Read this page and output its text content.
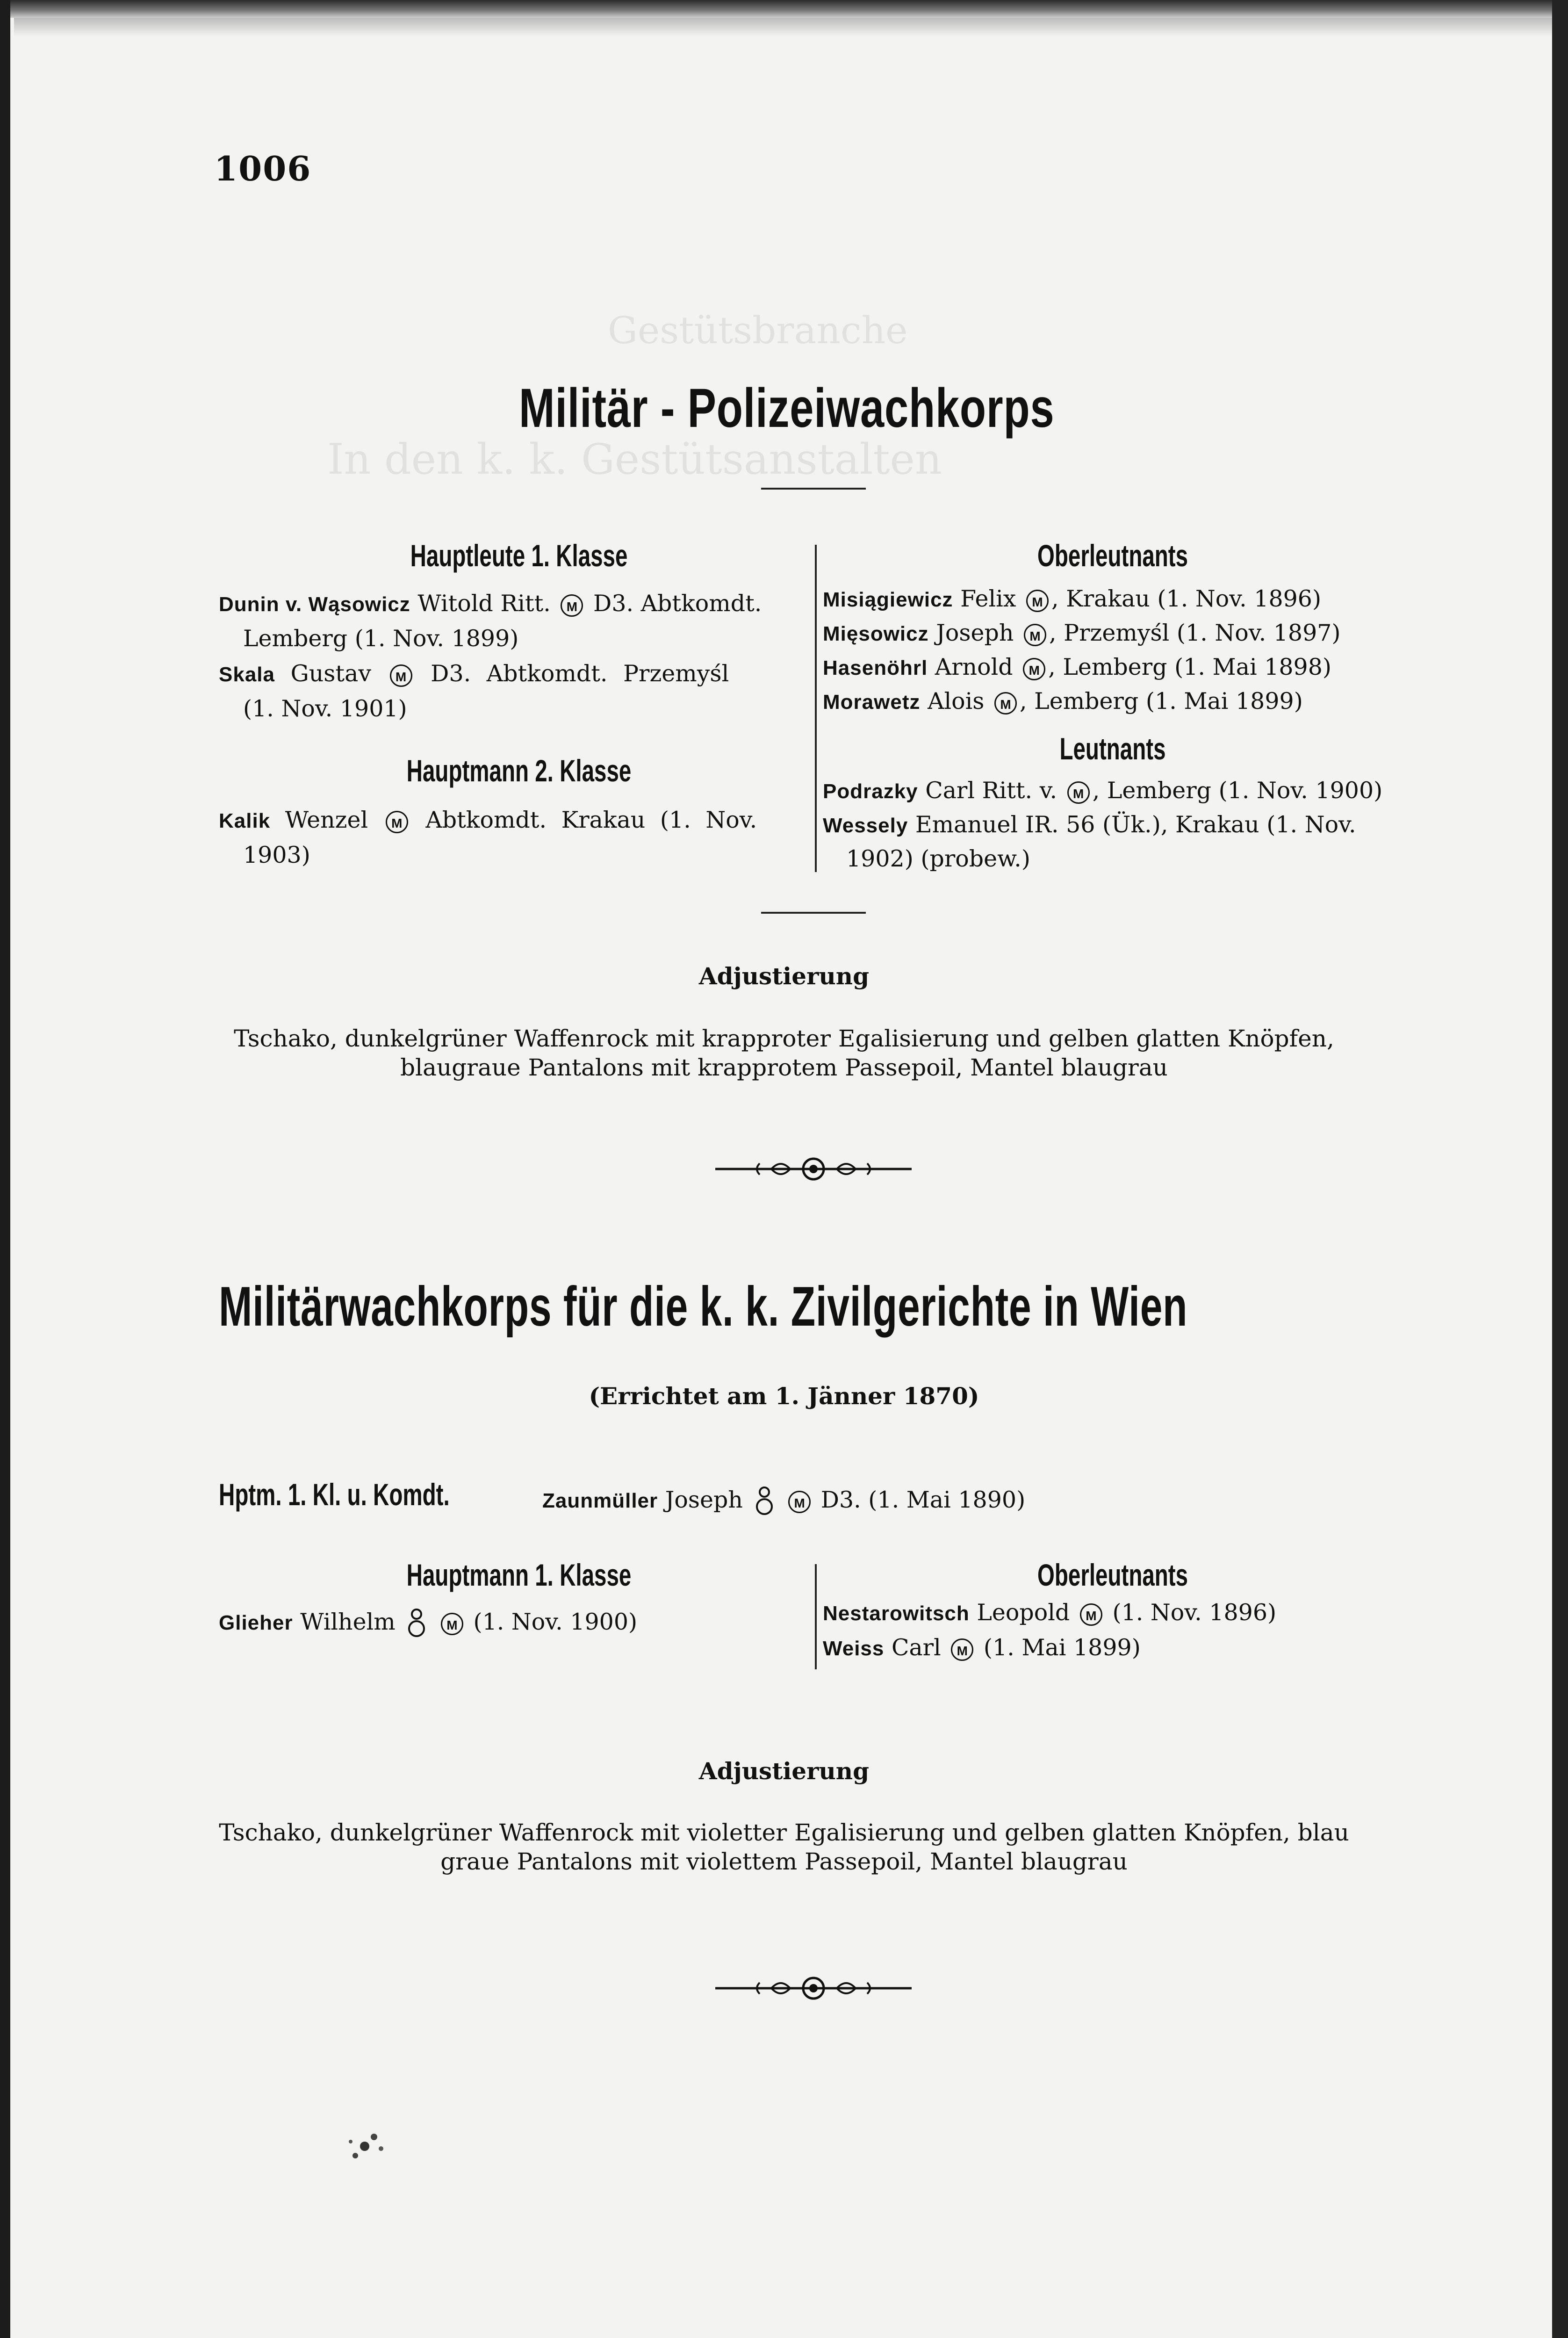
Gestütsbranche
In den k. k. Gestütsanstalten
1006
Militär - Polizeiwachkorps
Hauptleute 1. Klasse
Dunin v. Wąsowicz Witold Ritt. M D3. Abtkomdt.
Lemberg (1. Nov. 1899)
Skala Gustav M D3. Abtkomdt. Przemyśl
(1. Nov. 1901)
Hauptmann 2. Klasse
Kalik Wenzel M Abtkomdt. Krakau (1. Nov.
1903)
Oberleutnants
Misiągiewicz Felix M , Krakau (1. Nov. 1896)
Mięsowicz Joseph M , Przemyśl (1. Nov. 1897)
Hasenöhrl Arnold M , Lemberg (1. Mai 1898)
Morawetz Alois M , Lemberg (1. Mai 1899)
Leutnants
Podrazky Carl Ritt. v. M , Lemberg (1. Nov. 1900)
Wessely Emanuel IR. 56 (Ük.), Krakau (1. Nov.
1902) (probew.)
Adjustierung
Tschako, dunkelgrüner Waffenrock mit krapproter Egalisierung und gelben glatten Knöpfen,
blaugraue Pantalons mit krapprotem Passepoil, Mantel blaugrau
Militärwachkorps für die k. k. Zivilgerichte in Wien
(Errichtet am 1. Jänner 1870)
Hptm. 1. Kl. u. Komdt.	Zaunmüller Joseph	M D3. (1. Mai 1890)
Hauptmann 1. Klasse
Glieher Wilhelm	M (1. Nov. 1900)
Oberleutnants
Nestarowitsch Leopold M (1. Nov. 1896)
Weiss Carl M (1. Mai 1899)
Adjustierung
Tschako, dunkelgrüner Waffenrock mit violetter Egalisierung und gelben glatten Knöpfen, blau
graue Pantalons mit violettem Passepoil, Mantel blaugrau
